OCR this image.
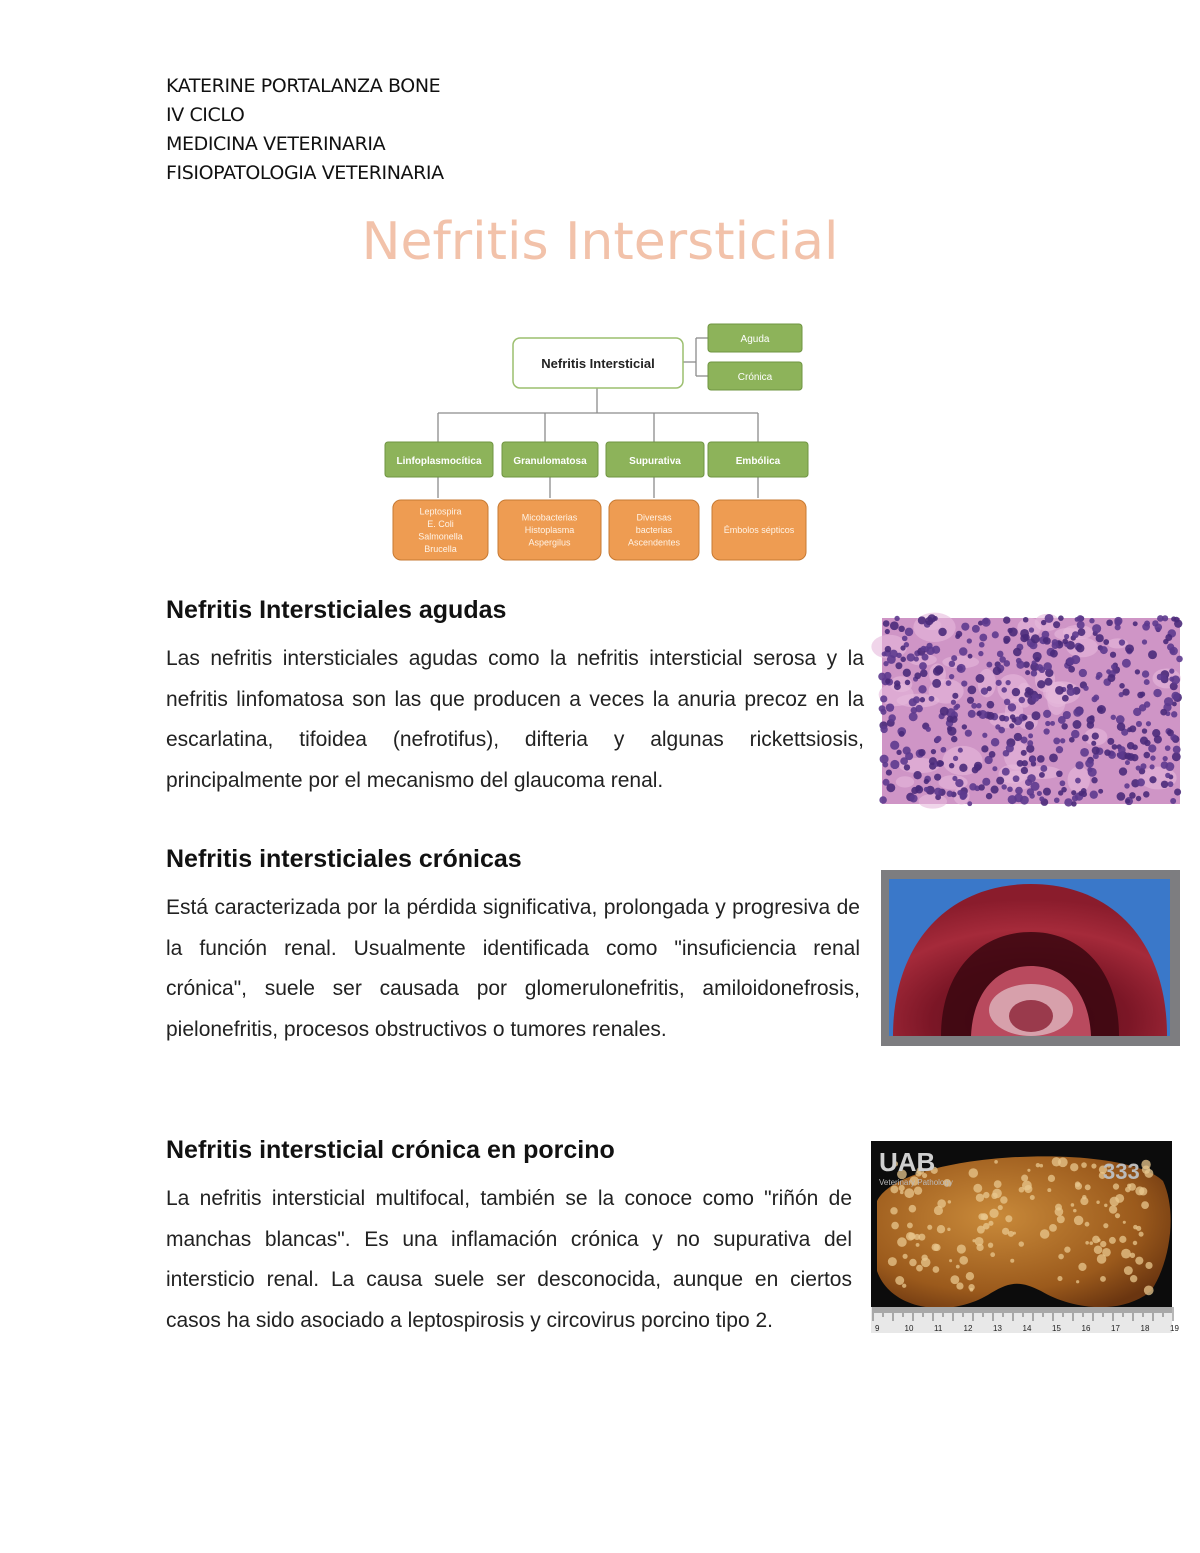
KATERINE PORTALANZA BONE
IV CICLO
MEDICINA VETERINARIA
FISIOPATOLOGIA VETERINARIA
Nefritis Intersticial
Nefritis Intersticial
Aguda
Crónica
Linfoplasmocítica	Granulomatosa	Supurativa	Embólica
Leptospira
E. Coli
Salmonella
Brucella
Micobacterias
Histoplasma
Aspergilus
Diversas
bacterias
Ascendentes
Émbolos sépticos
Nefritis Intersticiales agudas

Las nefritis intersticiales agudas como la nefritis intersticial serosa y la nefritis linfomatosa son las que producen a veces la anuria precoz en la escarlatina, tifoidea (nefrotifus), difteria y algunas rickettsiosis, principalmente por el mecanismo del glaucoma renal.

Nefritis intersticiales crónicas

Está caracterizada por la pérdida significativa, prolongada y progresiva de la función renal. Usualmente identificada como "insuficiencia renal crónica", suele ser causada por glomerulonefritis, amiloidonefrosis, pielonefritis, procesos obstructivos o tumores renales.

Nefritis intersticial crónica en porcino

La nefritis intersticial multifocal, también se la conoce como "riñón de manchas blancas". Es una inflamación crónica y no supurativa del intersticio renal. La causa suele ser desconocida, aunque en ciertos casos ha sido asociado a leptospirosis y circovirus porcino tipo 2.

UAB
Veterinary Pathology	333
9	10	11	12	13	14	15	16	17	18	19
